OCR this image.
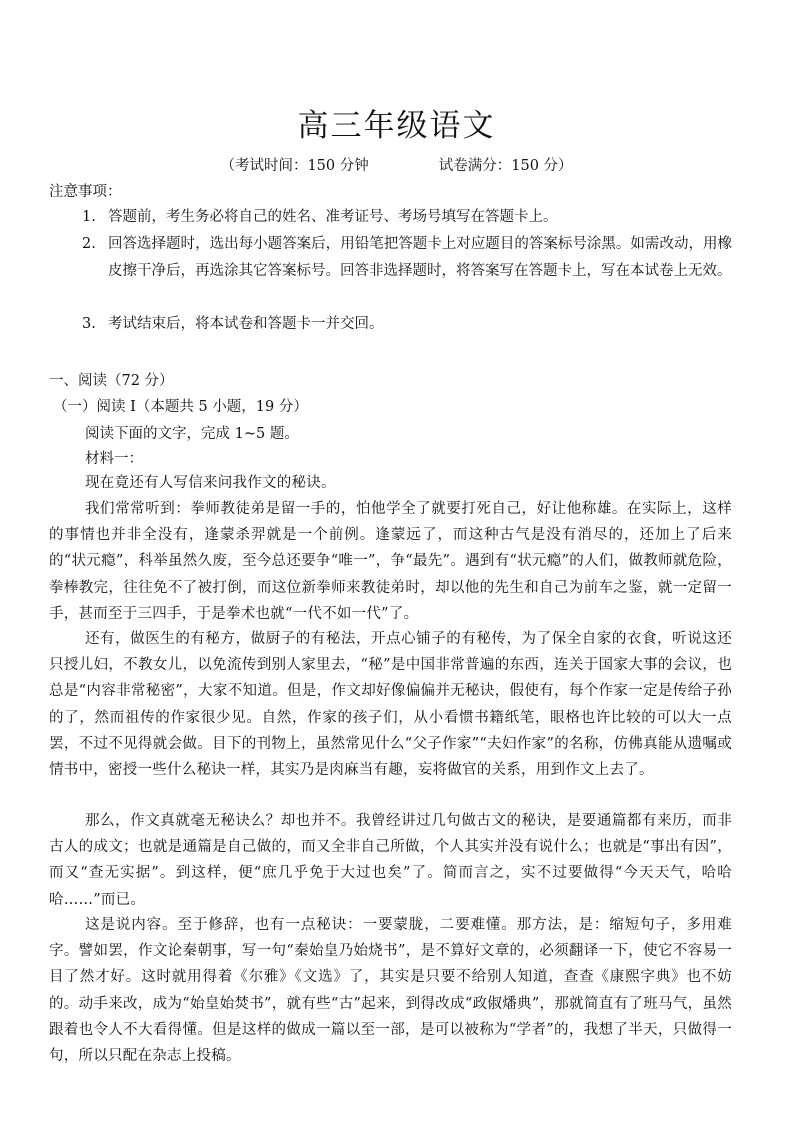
高三年级语文
（考试时间：150 分钟	试卷满分：150 分）
注意事项：
1. 答题前，考生务必将自己的姓名、准考证号、考场号填写在答题卡上。
2. 回答选择题时，选出每小题答案后，用铅笔把答题卡上对应题目的答案标号涂黑。如需改动，用橡皮擦干净后，再选涂其它答案标号。回答非选择题时，将答案写在答题卡上，写在本试卷上无效。
3. 考试结束后，将本试卷和答题卡一并交回。
一、阅读（72 分）
（一）阅读 I（本题共 5 小题，19 分）
阅读下面的文字，完成 1~5 题。
材料一：
现在竟还有人写信来问我作文的秘诀。
我们常常听到：拳师教徒弟是留一手的，怕他学全了就要打死自己，好让他称雄。在实际上，这样的事情也并非全没有，逢蒙杀羿就是一个前例。逢蒙远了，而这种古气是没有消尽的，还加上了后来的“状元瘾”，科举虽然久废，至今总还要争“唯一”，争“最先”。遇到有“状元瘾”的人们，做教师就危险，拳棒教完，往往免不了被打倒，而这位新拳师来教徒弟时，却以他的先生和自己为前车之鉴，就一定留一手，甚而至于三四手，于是拳术也就“一代不如一代”了。
还有，做医生的有秘方，做厨子的有秘法，开点心铺子的有秘传，为了保全自家的衣食，听说这还只授儿妇，不教女儿，以免流传到别人家里去，“秘”是中国非常普遍的东西，连关于国家大事的会议，也总是“内容非常秘密”，大家不知道。但是，作文却好像偏偏并无秘诀，假使有，每个作家一定是传给子孙的了，然而祖传的作家很少见。自然，作家的孩子们，从小看惯书籍纸笔，眼格也许比较的可以大一点罢，不过不见得就会做。目下的刊物上，虽然常见什么“父子作家”“夫妇作家”的名称，仿佛真能从遗嘱或情书中，密授一些什么秘诀一样，其实乃是肉麻当有趣，妄将做官的关系，用到作文上去了。
那么，作文真就毫无秘诀么？却也并不。我曾经讲过几句做古文的秘诀，是要通篇都有来历，而非古人的成文；也就是通篇是自己做的，而又全非自己所做，个人其实并没有说什么；也就是“事出有因”，而又“查无实据”。到这样，便“庶几乎免于大过也矣”了。简而言之，实不过要做得“今天天气，哈哈哈……”而已。
这是说内容。至于修辞，也有一点秘诀：一要蒙胧，二要难懂。那方法，是：缩短句子，多用难字。譬如罢，作文论秦朝事，写一句“秦始皇乃始烧书”，是不算好文章的，必须翻译一下，使它不容易一目了然才好。这时就用得着《尔雅》《文选》了，其实是只要不给别人知道，查查《康熙字典》也不妨的。动手来改，成为“始皇始焚书”，就有些“古”起来，到得改成“政俶燔典”，那就简直有了班马气，虽然跟着也令人不大看得懂。但是这样的做成一篇以至一部，是可以被称为“学者”的，我想了半天，只做得一句，所以只配在杂志上投稿。
